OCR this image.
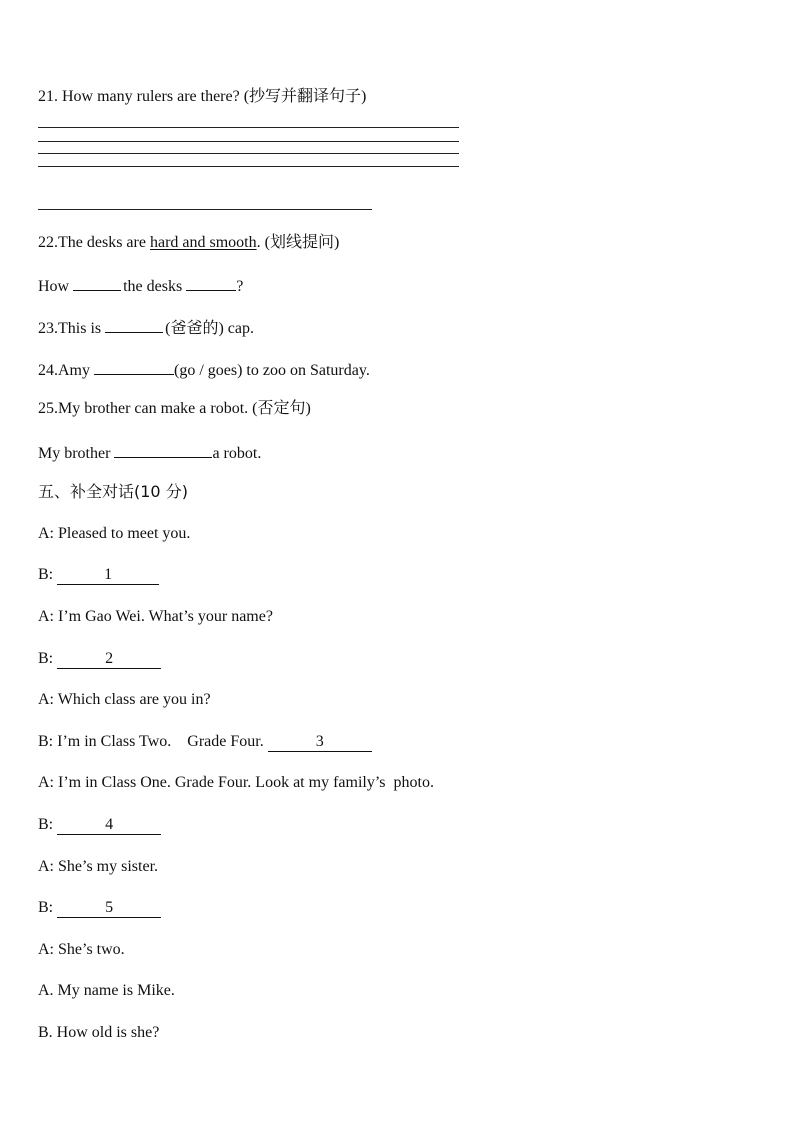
21. How many rulers are there? (抄写并翻译句子)
22.The desks are hard and smooth. (划线提问)
How	the desks	?
23.This is	(爸爸的) cap.
24.Amy	(go / goes) to zoo on Saturday.
25.My brother can make a robot. (否定句)
My brother	a robot.
五、补全对话(10 分)
A: Pleased to meet you.
B:	1
A: I’m Gao Wei. What’s your name?
B:	2
A: Which class are you in?
B: I’m in Class Two.    Grade Four.	3
A: I’m in Class One. Grade Four. Look at my family’s  photo.
B:	4
A: She’s my sister.
B:	5
A: She’s two.
A. My name is Mike.
B. How old is she?
